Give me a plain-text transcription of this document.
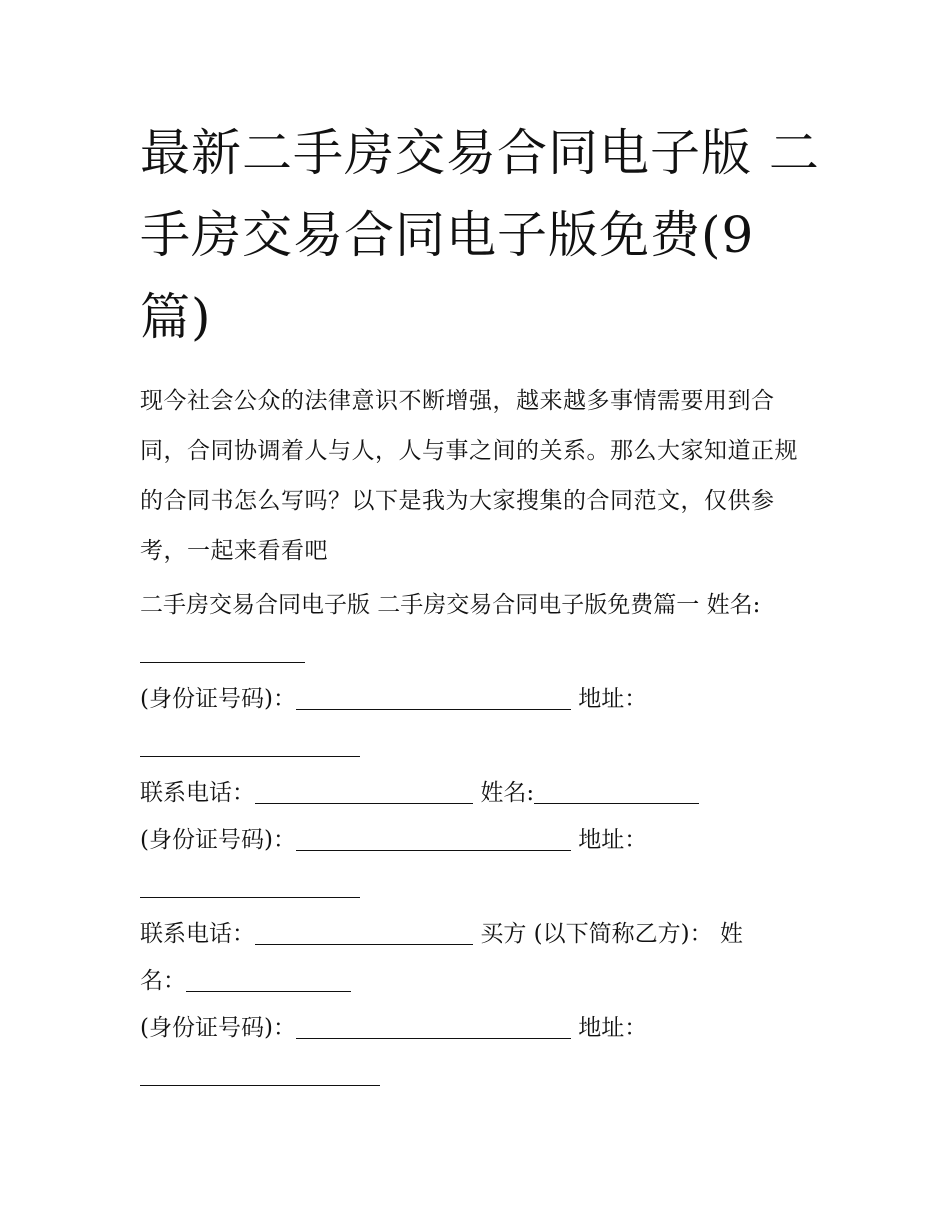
最新二手房交易合同电子版 二手房交易合同电子版免费(9篇)

现今社会公众的法律意识不断增强，越来越多事情需要用到合同，合同协调着人与人，人与事之间的关系。那么大家知道正规的合同书怎么写吗？以下是我为大家搜集的合同范文，仅供参考，一起来看看吧

二手房交易合同电子版 二手房交易合同电子版免费篇一 姓名:
(身份证号码)：	地址：
联系电话：	姓名:
(身份证号码)：	地址：
联系电话：	买方 (以下简称乙方)： 姓
名：
(身份证号码)：	地址：
